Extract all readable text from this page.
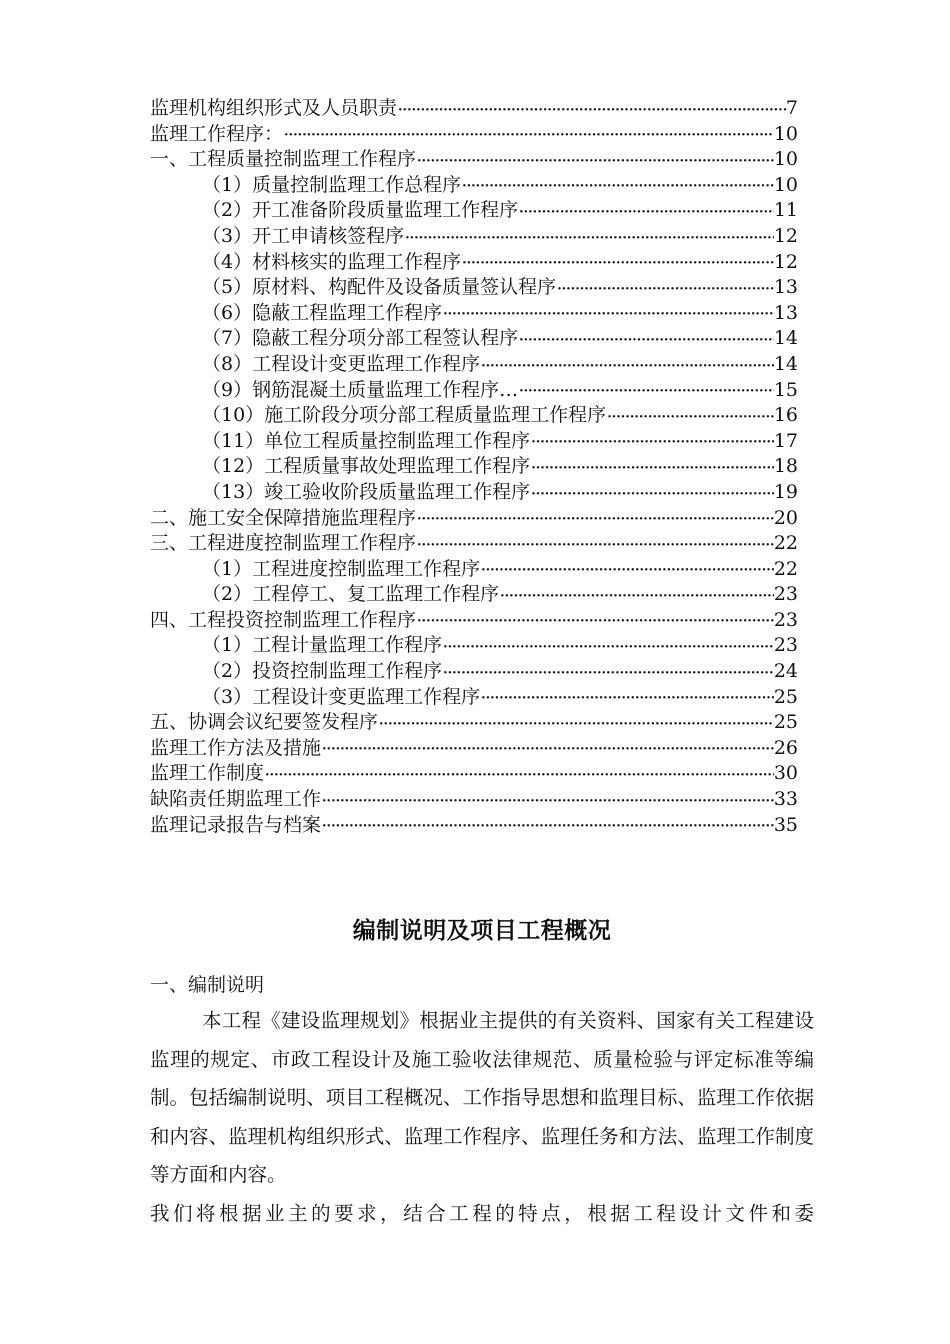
监理机构组织形式及人员职责 ·····	7
监理工作程序： ·····	10
一、工程质量控制监理工作程序 ·····	10
（1）质量控制监理工作总程序 ·····	10
（2）开工准备阶段质量监理工作程序 ·····	11
（3）开工申请核签程序 ·····	12
（4）材料核实的监理工作程序 ·····	12
（5）原材料、构配件及设备质量签认程序 ·····	13
（6）隐蔽工程监理工作程序 ·····	13
（7）隐蔽工程分项分部工程签认程序 ·····	14
（8）工程设计变更监理工作程序 ·····	14
（9）钢筋混凝土质量监理工作程序… ·····	15
（10）施工阶段分项分部工程质量监理工作程序 ·····	16
（11）单位工程质量控制监理工作程序 ·····	17
（12）工程质量事故处理监理工作程序 ·····	18
（13）竣工验收阶段质量监理工作程序 ·····	19
二、施工安全保障措施监理程序 ·····	20
三、工程进度控制监理工作程序 ·····	22
（1）工程进度控制监理工作程序 ·····	22
（2）工程停工、复工监理工作程序 ·····	23
四、工程投资控制监理工作程序 ·····	23
（1）工程计量监理工作程序 ·····	23
（2）投资控制监理工作程序 ·····	24
（3）工程设计变更监理工作程序 ·····	25
五、协调会议纪要签发程序 ·····	25
监理工作方法及措施 ·····	26
监理工作制度 ·····	30
缺陷责任期监理工作 ·····	33
监理记录报告与档案 ·····	35
编制说明及项目工程概况
一、编制说明

本工程《建设监理规划》根据业主提供的有关资料、国家有关工程建设监理的规定、市政工程设计及施工验收法律规范、质量检验与评定标准等编制。包括编制说明、项目工程概况、工作指导思想和监理目标、监理工作依据和内容、监理机构组织形式、监理工作程序、监理任务和方法、监理工作制度等方面和内容。

我们将根据业主的要求，结合工程的特点，根据工程设计文件和委
